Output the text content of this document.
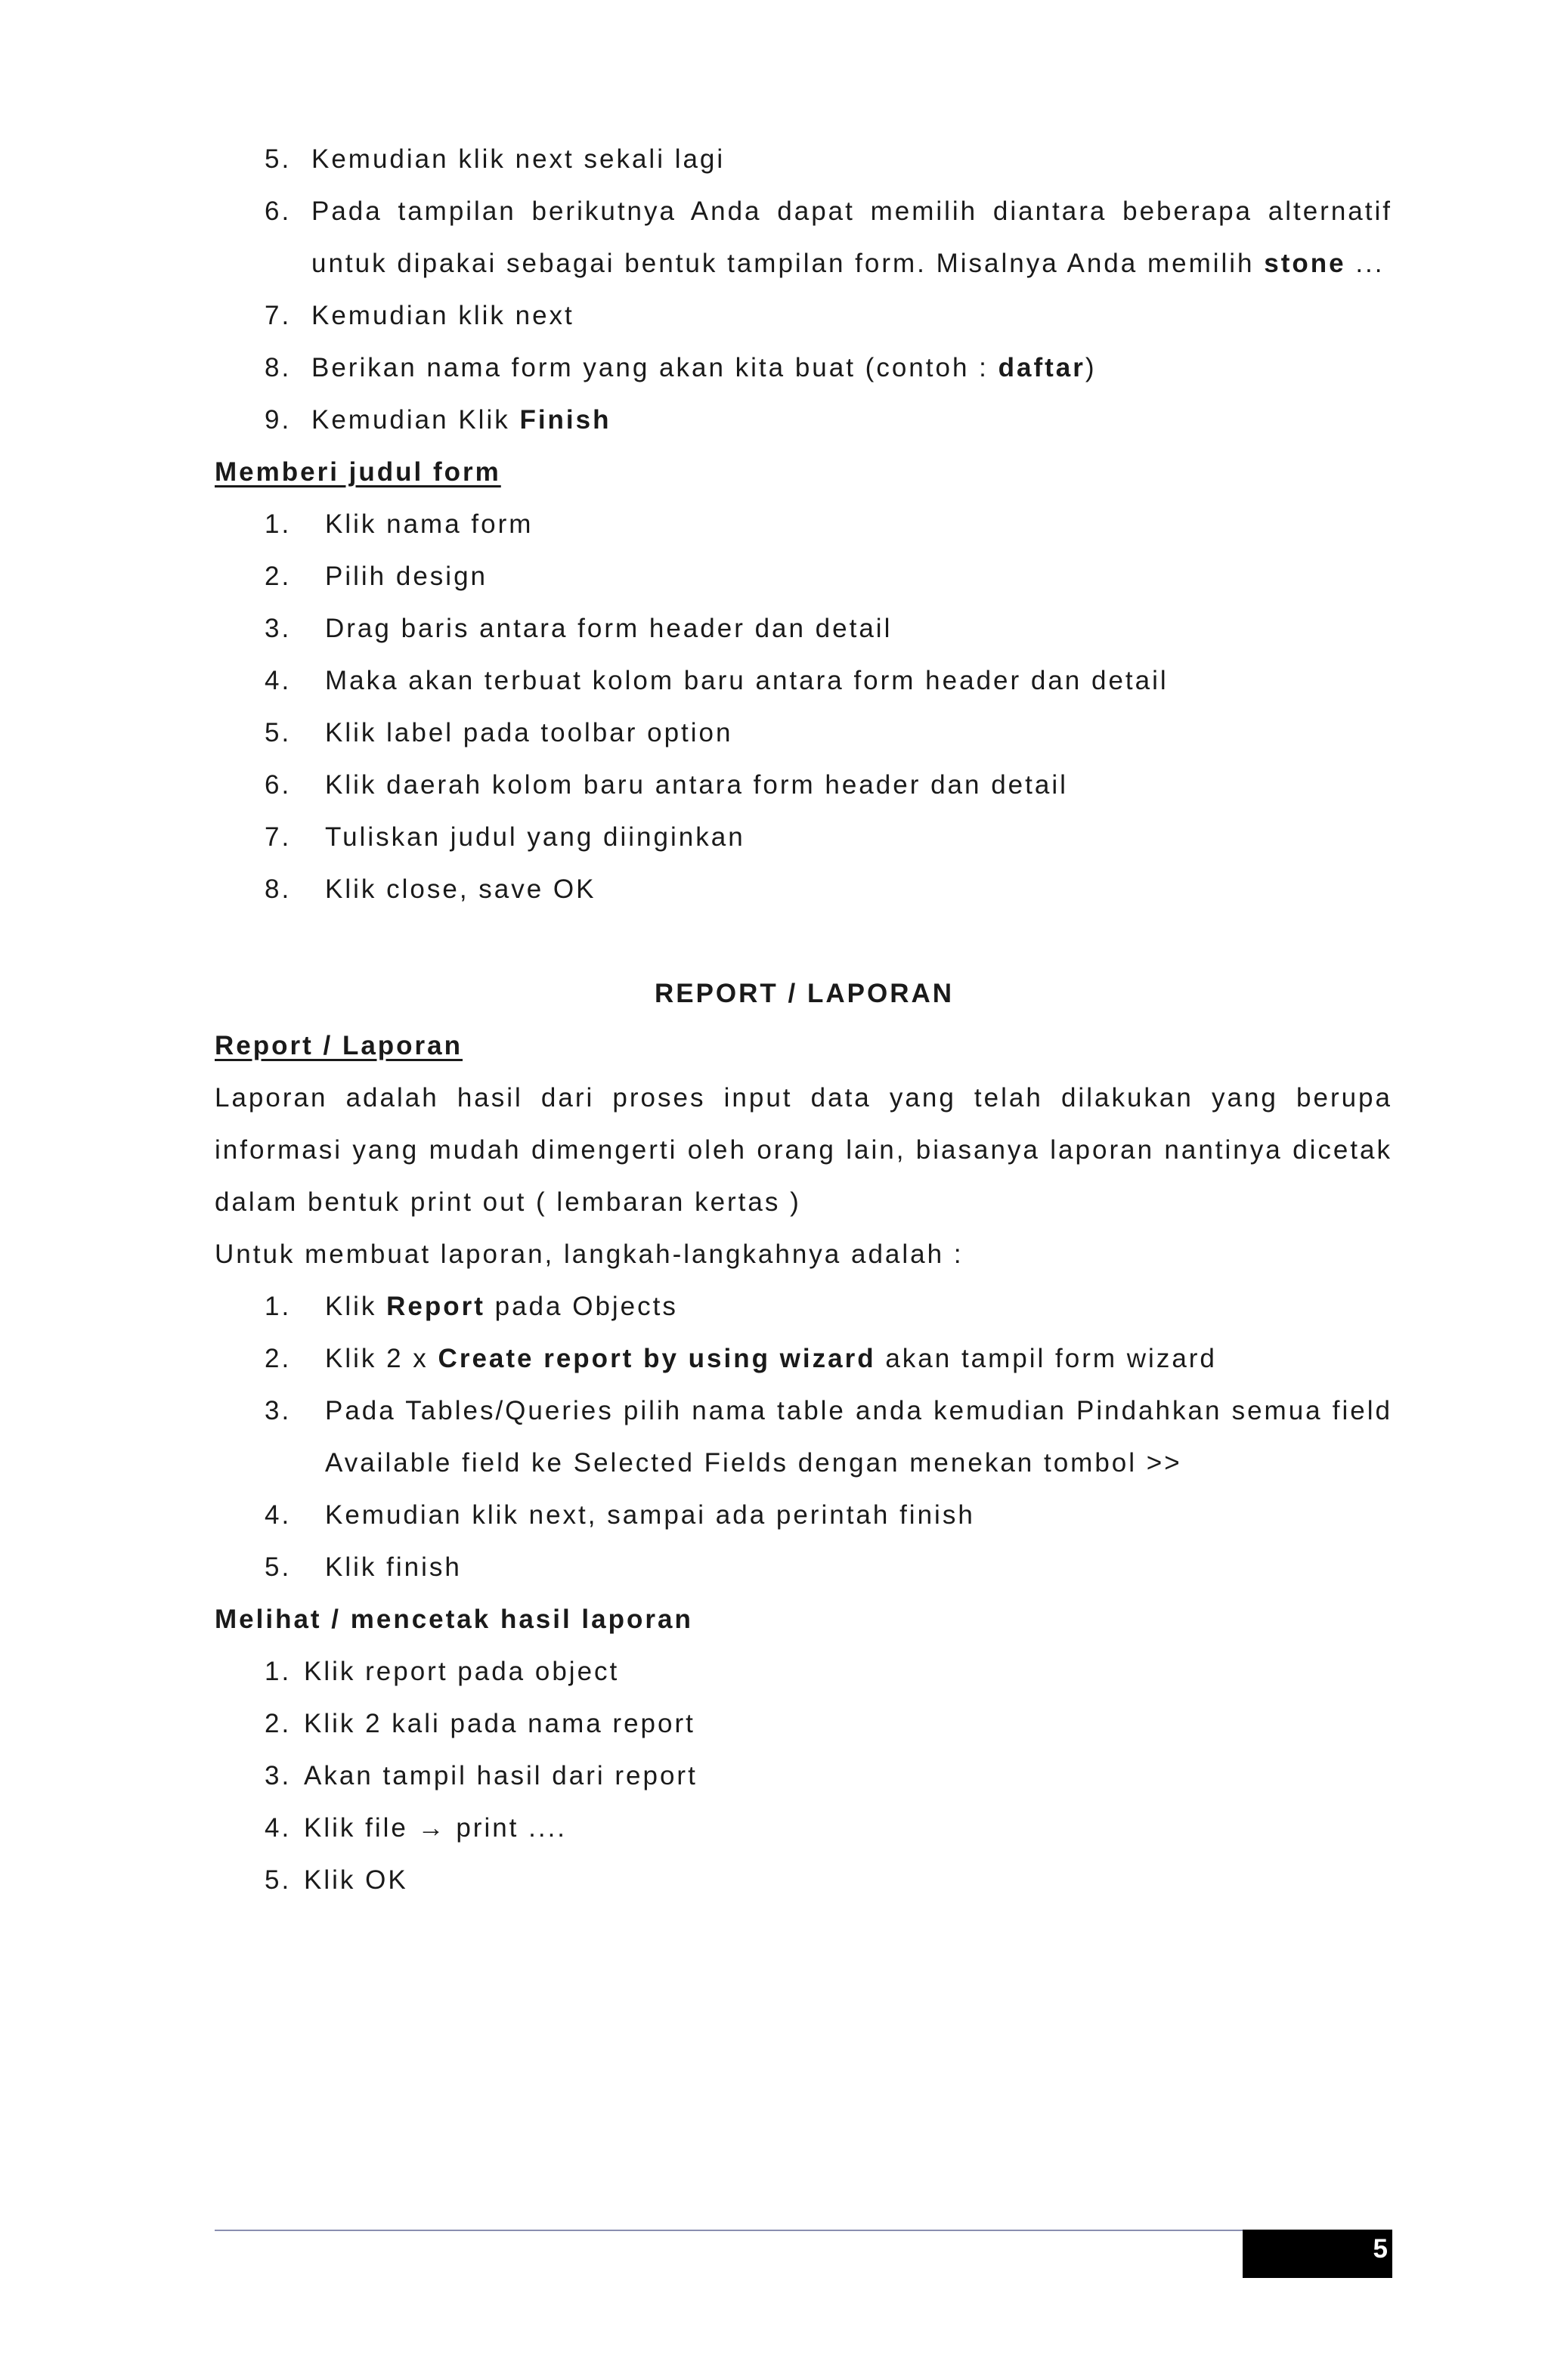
5. Kemudian klik next sekali lagi
6. Pada tampilan berikutnya Anda dapat memilih diantara beberapa alternatif
untuk dipakai sebagai bentuk tampilan form. Misalnya Anda memilih stone ...
7. Kemudian klik next
8. Berikan nama form yang akan kita buat (contoh : daftar)
9. Kemudian Klik Finish
Memberi judul form
1. Klik nama form
2. Pilih design
3. Drag baris antara form header dan detail
4. Maka akan terbuat kolom baru antara form header dan detail
5. Klik label pada toolbar option
6. Klik daerah kolom baru antara form header dan detail
7. Tuliskan judul yang diinginkan
8. Klik close, save OK
REPORT / LAPORAN
Report / Laporan
Laporan adalah hasil dari proses input data yang telah dilakukan yang berupa
informasi yang mudah dimengerti oleh orang lain, biasanya laporan nantinya dicetak
dalam bentuk print out ( lembaran kertas )
Untuk membuat laporan, langkah-langkahnya adalah :
1. Klik Report pada Objects
2. Klik 2 x Create report by using wizard akan tampil form wizard
3. Pada Tables/Queries pilih nama table anda kemudian Pindahkan semua field
Available field ke Selected Fields dengan menekan tombol >>
4. Kemudian klik next, sampai ada perintah finish
5. Klik finish
Melihat / mencetak hasil laporan
1. Klik report pada object
2. Klik 2 kali pada nama report
3. Akan tampil hasil dari report
4. Klik file → print ....
5. Klik OK
5
